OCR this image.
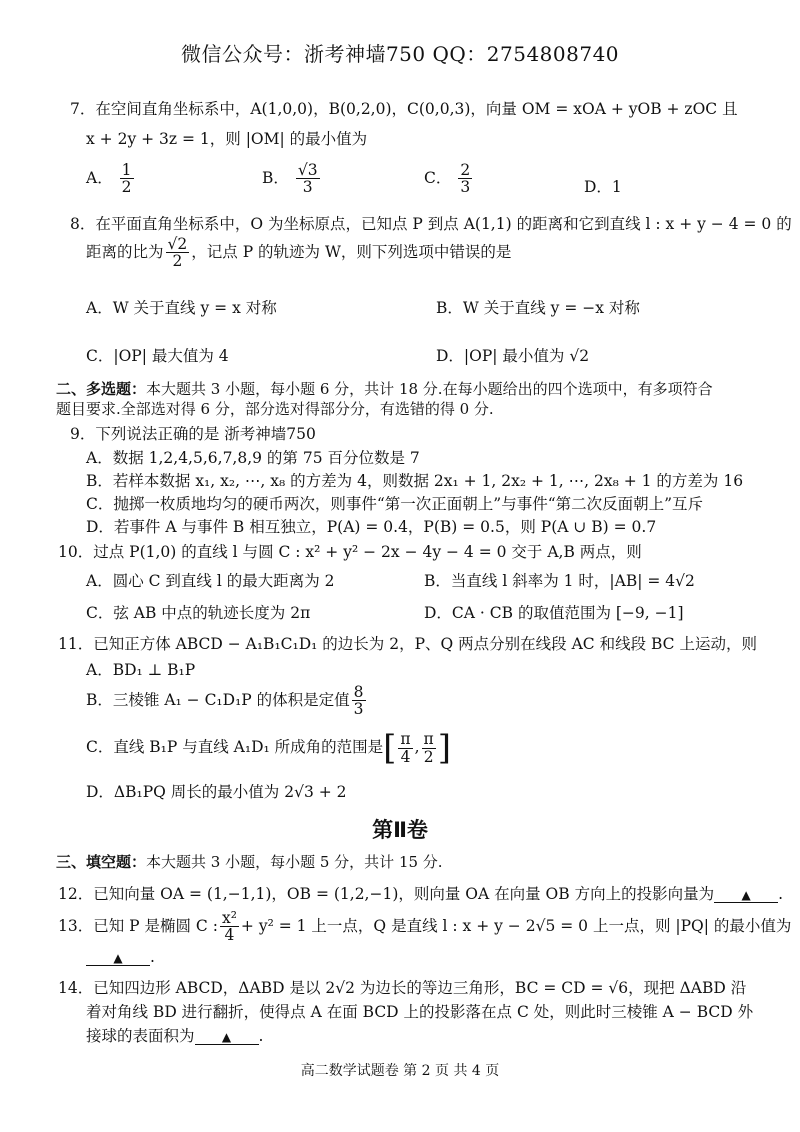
微信公众号：浙考神墙750 QQ：2754808740
7．在空间直角坐标系中，A(1,0,0)，B(0,2,0)，C(0,0,3)，向量 OM = xOA + yOB + zOC 且
x + 2y + 3z = 1，则 |OM| 的最小值为
A． $\frac{1}{2}$	B． $\frac{√3}{3}$	C． $\frac{2}{3}$	D．1
8．在平面直角坐标系中，O 为坐标原点，已知点 P 到点 A(1,1) 的距离和它到直线 l : x + y − 4 = 0 的
距离的比为 $\frac{√2}{2}$ ，记点 P 的轨迹为 W，则下列选项中错误的是
A．W 关于直线 y = x 对称	B．W 关于直线 y = −x 对称
C．|OP| 最大值为 4	D．|OP| 最小值为 √2
二、多选题：本大题共 3 小题，每小题 6 分，共计 18 分.在每小题给出的四个选项中，有多项符合
题目要求.全部选对得 6 分，部分选对得部分分，有选错的得 0 分.
9．下列说法正确的是 浙考神墙750
A．数据 1,2,4,5,6,7,8,9 的第 75 百分位数是 7
B．若样本数据 x₁, x₂, ⋯, x₈ 的方差为 4，则数据 2x₁ + 1, 2x₂ + 1, ⋯, 2x₈ + 1 的方差为 16
C．抛掷一枚质地均匀的硬币两次，则事件“第一次正面朝上”与事件“第二次反面朝上”互斥
D．若事件 A 与事件 B 相互独立，P(A) = 0.4，P(B) = 0.5，则 P(A ∪ B) = 0.7
10．过点 P(1,0) 的直线 l 与圆 C : x² + y² − 2x − 4y − 4 = 0 交于 A,B 两点，则
A．圆心 C 到直线 l 的最大距离为 2	B．当直线 l 斜率为 1 时，|AB| = 4√2
C．弦 AB 中点的轨迹长度为 2π	D．CA · CB 的取值范围为 [−9, −1]
11．已知正方体 ABCD − A₁B₁C₁D₁ 的边长为 2，P、Q 两点分别在线段 AC 和线段 BC 上运动，则
A．BD₁ ⊥ B₁P
B．三棱锥 A₁ − C₁D₁P 的体积是定值 $\frac{8}{3}$
C．直线 B₁P 与直线 A₁D₁ 所成角的范围是[ $\frac{\pi}{4}$ , $\frac{\pi}{2}$ ]
D．ΔB₁PQ 周长的最小值为 2√3 + 2
第Ⅱ卷
三、填空题：本大题共 3 小题，每小题 5 分，共计 15 分.
12．已知向量 OA = (1,−1,1)，OB = (1,2,−1)，则向量 OA 在向量 OB 方向上的投影向量为 ▲ .
13．已知 P 是椭圆 C : $\frac{\text{x²}}{4} + y^2 = 1$ 上一点，Q 是直线 l : x + y − 2√5 = 0 上一点，则 |PQ| 的最小值为
▲ .
14．已知四边形 ABCD，ΔABD 是以 2√2 为边长的等边三角形，BC = CD = √6，现把 ΔABD 沿
着对角线 BD 进行翻折，使得点 A 在面 BCD 上的投影落在点 C 处，则此时三棱锥 A − BCD 外
接球的表面积为 ▲ .
高二数学试题卷 第 2 页 共 4 页
